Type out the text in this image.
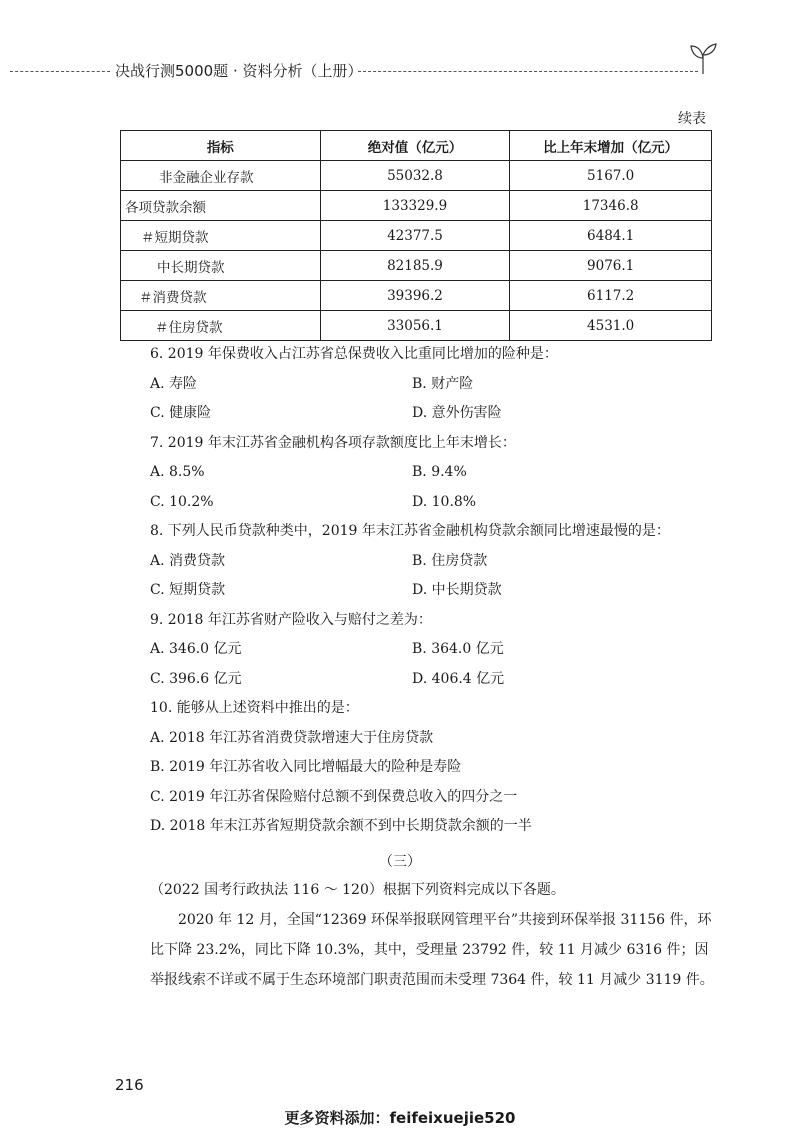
决战行测5000题 · 资料分析（上册）
续表
指标	绝对值（亿元）	比上年末增加（亿元）
非金融企业存款	55032.8	5167.0
各项贷款余额	133329.9	17346.8
＃短期贷款	42377.5	6484.1
中长期贷款	82185.9	9076.1
＃消费贷款	39396.2	6117.2
＃住房贷款	33056.1	4531.0
6. 2019 年保费收入占江苏省总保费收入比重同比增加的险种是：
A. 寿险	B. 财产险
C. 健康险	D. 意外伤害险
7. 2019 年末江苏省金融机构各项存款额度比上年末增长：
A. 8.5%	B. 9.4%
C. 10.2%	D. 10.8%
8. 下列人民币贷款种类中，2019 年末江苏省金融机构贷款余额同比增速最慢的是：
A. 消费贷款	B. 住房贷款
C. 短期贷款	D. 中长期贷款
9. 2018 年江苏省财产险收入与赔付之差为：
A. 346.0 亿元	B. 364.0 亿元
C. 396.6 亿元	D. 406.4 亿元
10. 能够从上述资料中推出的是：
A. 2018 年江苏省消费贷款增速大于住房贷款
B. 2019 年江苏省收入同比增幅最大的险种是寿险
C. 2019 年江苏省保险赔付总额不到保费总收入的四分之一
D. 2018 年末江苏省短期贷款余额不到中长期贷款余额的一半
（三）

（2022 国考行政执法 116 ～ 120）根据下列资料完成以下各题。

2020 年 12 月，全国“12369 环保举报联网管理平台”共接到环保举报 31156 件，环比下降 23.2%，同比下降 10.3%，其中，受理量 23792 件，较 11 月减少 6316 件；因举报线索不详或不属于生态环境部门职责范围而未受理 7364 件，较 11 月减少 3119 件。

216
更多资料添加：feifeixuejie520
